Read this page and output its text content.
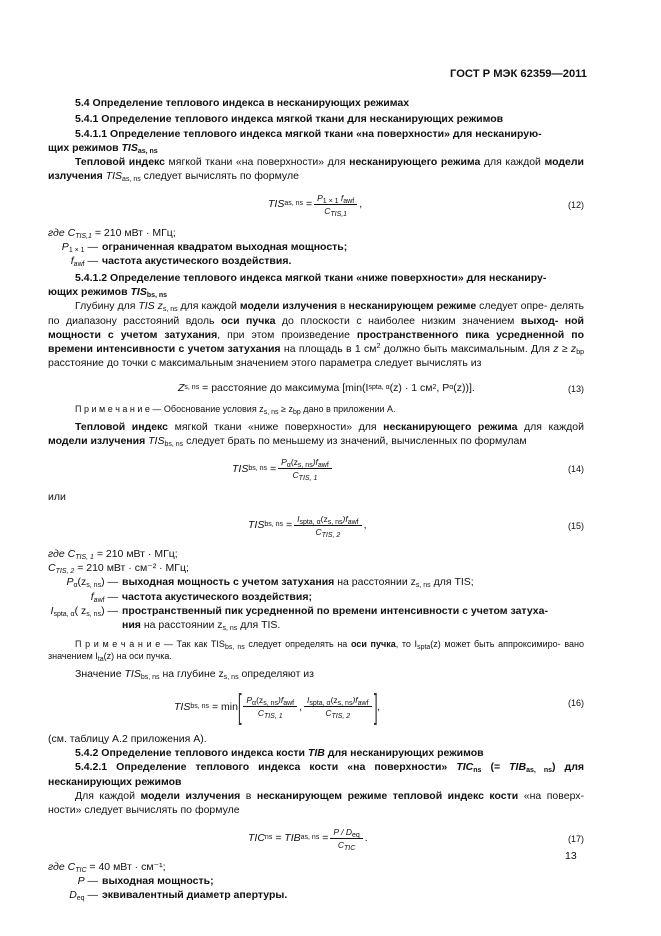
ГОСТ Р МЭК 62359—2011

5.4 Определение теплового индекса в несканирующих режимах

5.4.1 Определение теплового индекса мягкой ткани для несканирующих режимов

5.4.1.1 Определение теплового индекса мягкой ткани «на поверхности» для несканирую-

щих режимов $TIS_{as, ns}$

Тепловой индекс мягкой ткани «на поверхности» для несканирующего режима для каждой модели излучения $TIS_{as, ns}$ следует вычислять по формуле

TIS as, ns
=
$P_{1 \times 1}$ $f_{awf}$
$C_{TIS,1}$
,	(12)
где $C_{TIS,1} = 210$ мВт · МГц;
$P_{1 \times 1}$ — ограниченная квадратом выходная мощность;
$f_{awf}$ — частота акустического воздействия.

5.4.1.2 Определение теплового индекса мягкой ткани «ниже поверхности» для несканиру-

ющих режимов $TIS_{bs, ns}$

Глубину для TIS $z_{s, ns}$ для каждой модели излучения в несканирующем режиме следует опре- делять по диапазону расстояний вдоль оси пучка до плоскости с наиболее низким значением выход- ной мощности с учетом затухания, при этом произведение пространственного пика усредненной по времени интенсивности с учетом затухания на площадь в 1 $см^2$ должно быть максимальным. Для $z \ge z_{bp}$ расстояние до точки с максимальным значением этого параметра следует вычислять из

Z s, ns
= расстояние до максимума [min(I spta, α (z) · 1 см 2 , P α (z))].	(13)

П р и м е ч а н и е — Обоснование условия $z_{s, ns} \ge z_{bp}$ дано в приложении А.

Тепловой индекс мягкой ткани «ниже поверхности» для несканирующего режима для каждой модели излучения $TIS_{bs, ns}$ следует брать по меньшему из значений, вычисленных по формулам

TIS bs, ns
=
$P_\alpha(z_{s, ns})f_{awf}$
$C_{TIS, 1}$
(14)

или

TIS bs, ns
=
$I_{spta, \alpha}(z_{s, ns})f_{awf}$
$C_{TIS, 2}$
,	(15)
где $C_{TIS, 1} = 210$ мВт · МГц;
$C_{TIS, 2} = 210$ мВт · см⁻² · МГц;
$P_\alpha(z_{s, ns})$ — выходная мощность с учетом затухания на расстоянии $z_{s, ns}$ для TIS;
$f_{awf}$ — частота акустического воздействия;
$I_{spta, \alpha}$( $z_{s, ns}$) — пространственный пик усредненной по времени интенсивности с учетом затуха-
ния на расстоянии $z_{s, ns}$ для TIS.

П р и м е ч а н и е — Так как $TIS_{bs, ns}$ следует определять на оси пучка, то $I_{spta}(z)$ может быть аппроксимиро- вано значением $I_{ta}(z)$ на оси пучка.

Значение $TIS_{bs, ns}$ на глубине $z_{s, ns}$ определяют из

TIS bs, ns
= min [ $P_\alpha(z_{s, ns})f_{awf}$
$C_{TIS, 1}$
,
$I_{spta, \alpha}(z_{s, ns})f_{awf}$
$C_{TIS, 2}$ ] ,	(16)

(см. таблицу А.2 приложения А).

5.4.2 Определение теплового индекса кости TIB для несканирующих режимов

5.4.2.1 Определение теплового индекса кости «на поверхности» $TIC_{ns}$ (= $TIB_{as, ns}$) для несканирующих режимов

Для каждой модели излучения в несканирующем режиме тепловой индекс кости «на поверх- ности» следует вычислять по формуле

TIC ns
= TIB as, ns
=
P / $D_{eq}$
$C_{TIC}$
.	(17)
где $C_{TIC} = 40$ мВт · см⁻¹;
P — выходная мощность;
$D_{eq}$ — эквивалентный диаметр апертуры.
13
